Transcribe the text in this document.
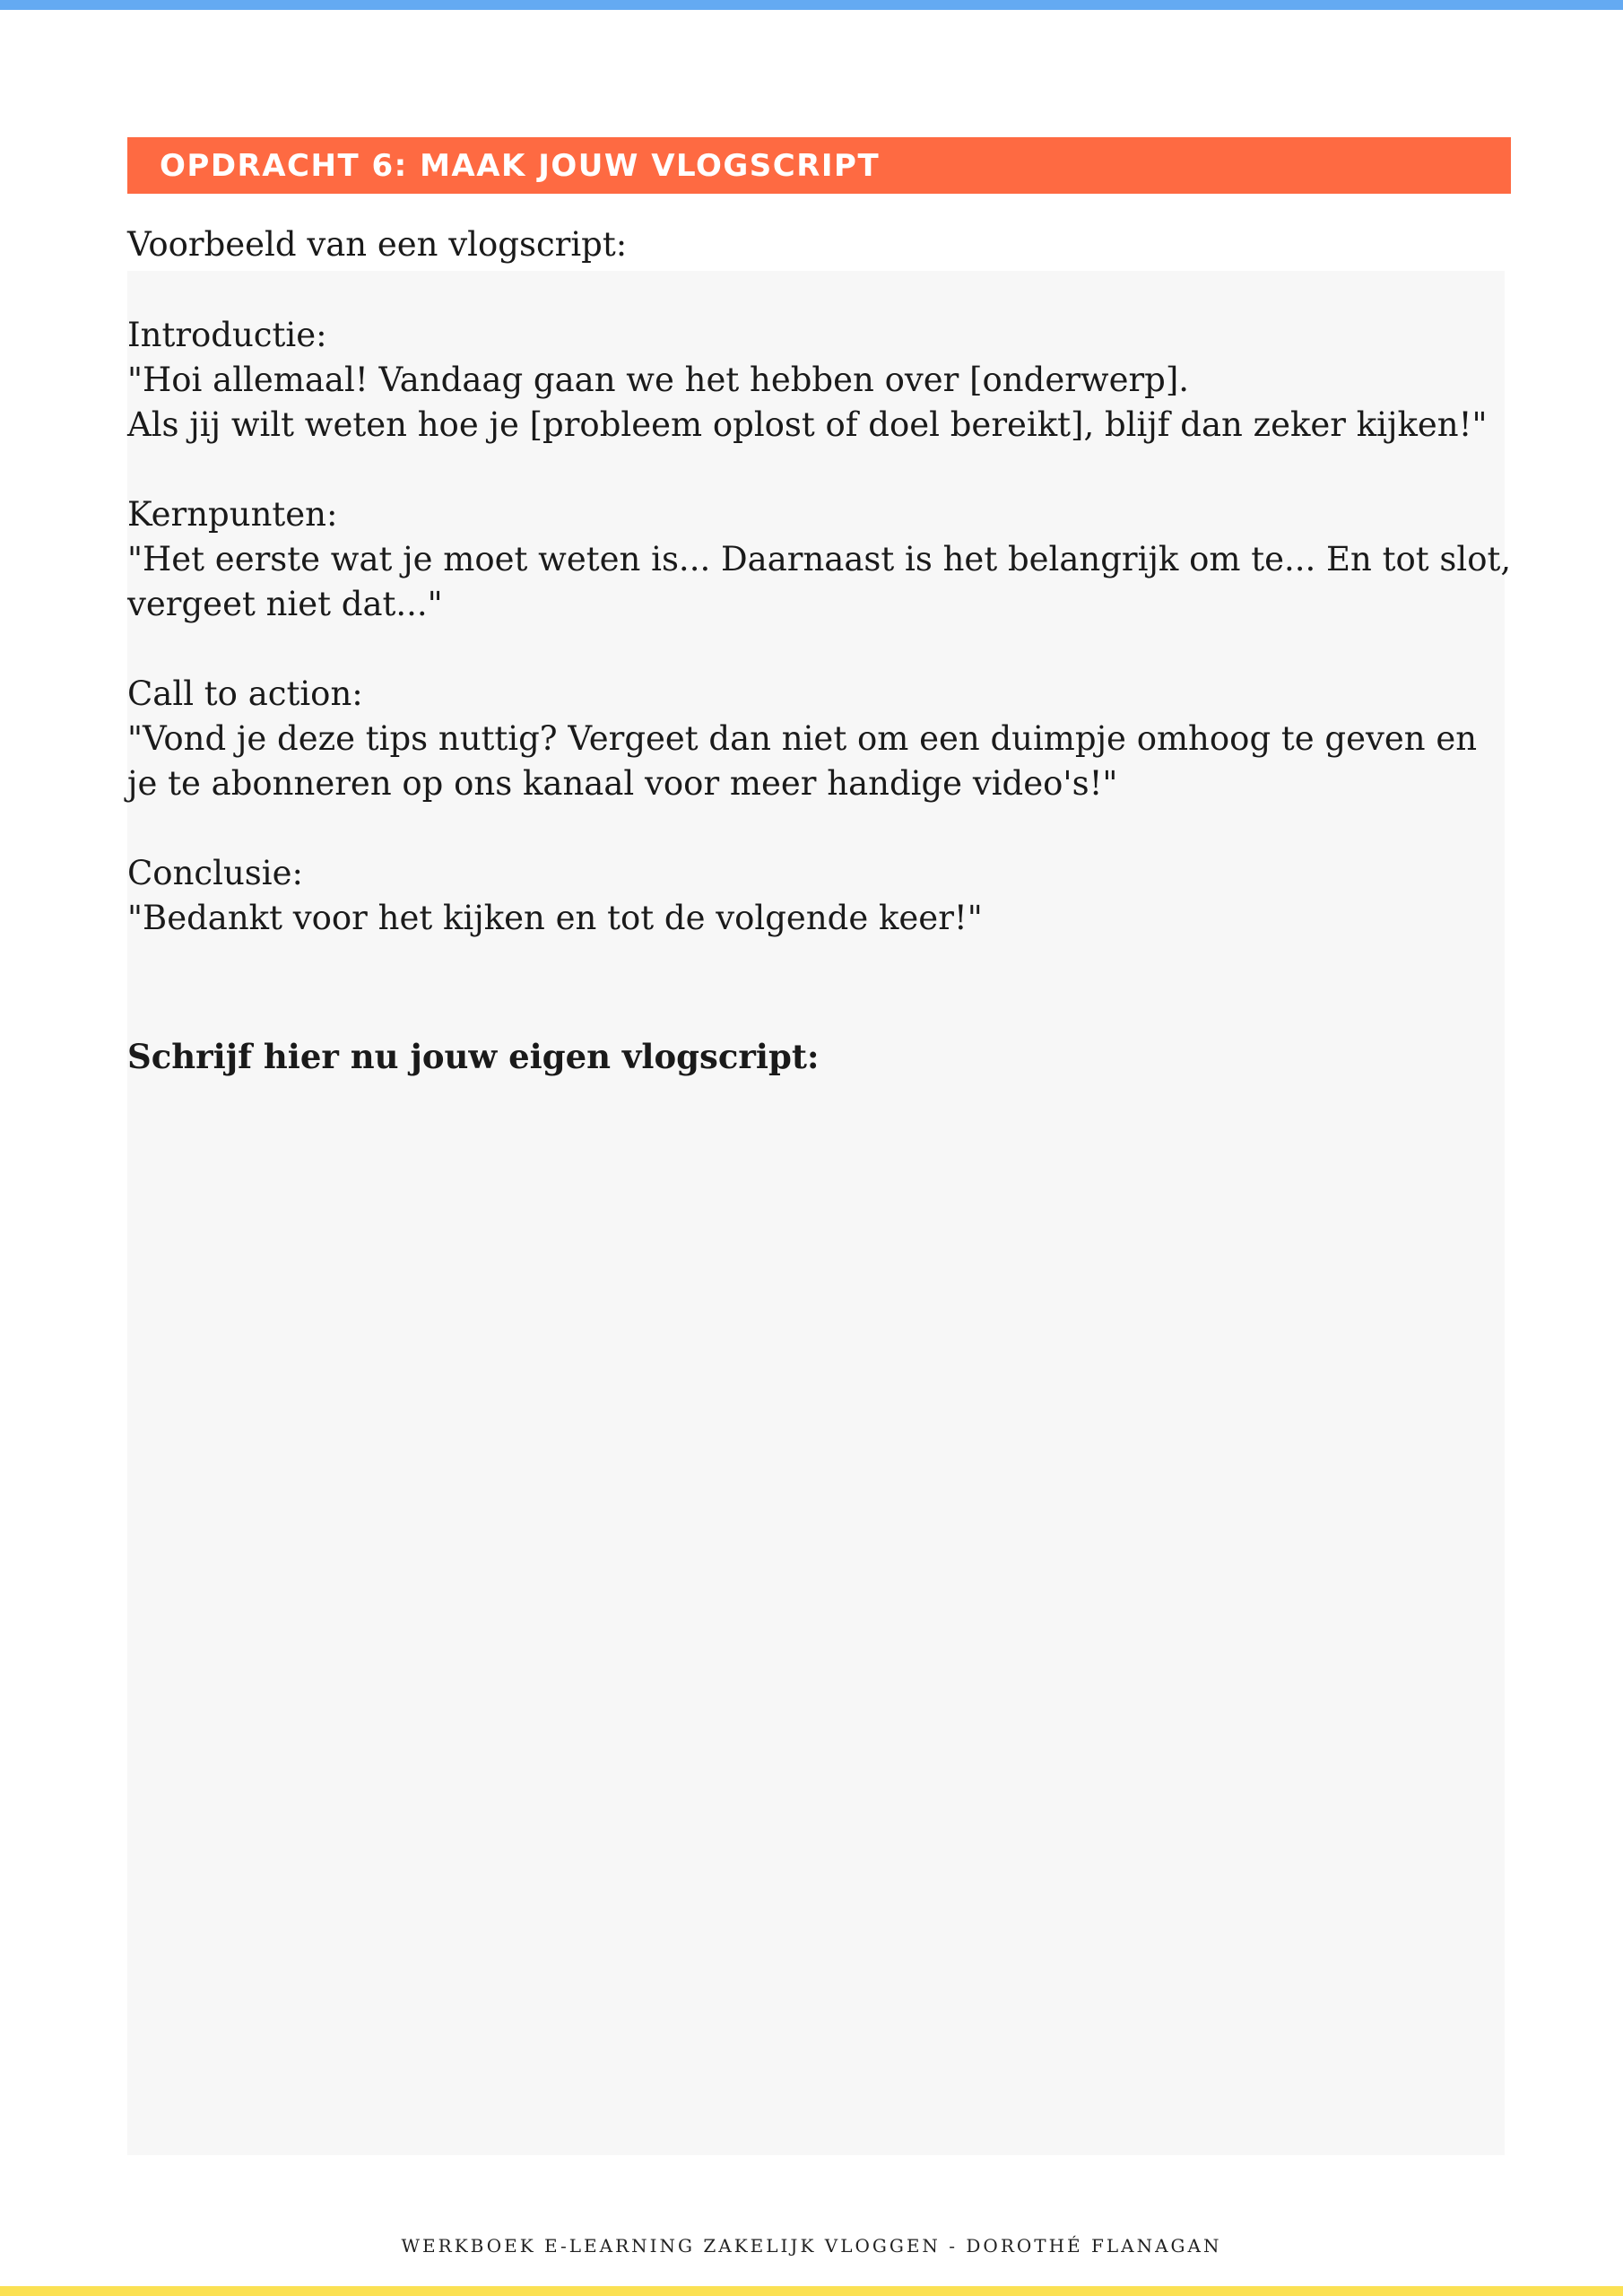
OPDRACHT 6: MAAK JOUW VLOGSCRIPT
Voorbeeld van een vlogscript:

Introductie:

"Hoi allemaal! Vandaag gaan we het hebben over [onderwerp].

Als jij wilt weten hoe je [probleem oplost of doel bereikt], blijf dan zeker kijken!"

Kernpunten:

"Het eerste wat je moet weten is... Daarnaast is het belangrijk om te... En tot slot, vergeet niet dat..."

Call to action:

"Vond je deze tips nuttig? Vergeet dan niet om een duimpje omhoog te geven en je te abonneren op ons kanaal voor meer handige video's!"

Conclusie:

"Bedankt voor het kijken en tot de volgende keer!"

Schrijf hier nu jouw eigen vlogscript:
WERKBOEK E-LEARNING ZAKELIJK VLOGGEN - DOROTHÉ FLANAGAN
